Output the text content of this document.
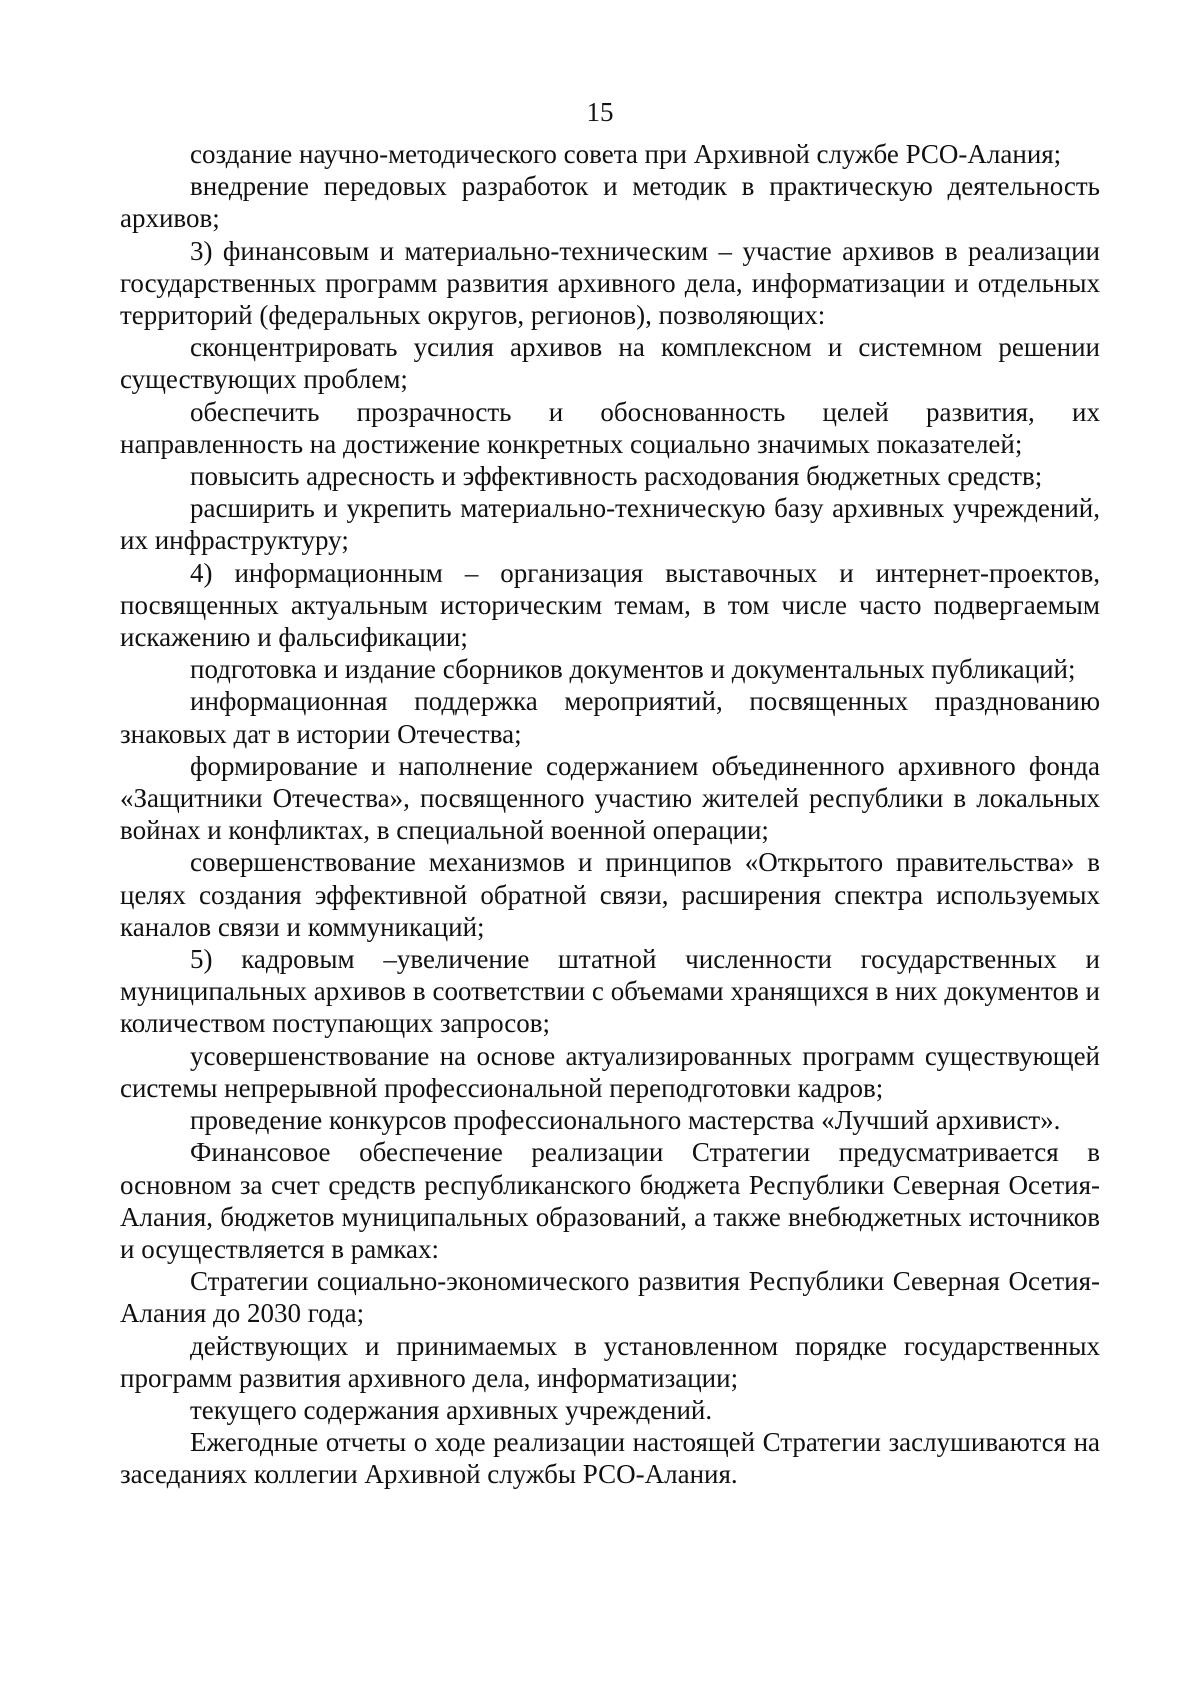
15

создание научно-методического совета при Архивной службе РСО-Алания;

внедрение передовых разработок и методик в практическую деятельность архивов;

3) финансовым и материально-техническим – участие архивов в реализации государственных программ развития архивного дела, информатизации и отдельных территорий (федеральных округов, регионов), позволяющих:

сконцентрировать усилия архивов на комплексном и системном решении существующих проблем;

обеспечить прозрачность и обоснованность целей развития, их направленность на достижение конкретных социально значимых показателей;

повысить адресность и эффективность расходования бюджетных средств;

расширить и укрепить материально-техническую базу архивных учреждений, их инфраструктуру;

4) информационным – организация выставочных и интернет-проектов, посвященных актуальным историческим темам, в том числе часто подвергаемым искажению и фальсификации;

подготовка и издание сборников документов и документальных публикаций;

информационная поддержка мероприятий, посвященных празднованию знаковых дат в истории Отечества;

формирование и наполнение содержанием объединенного архивного фонда «Защитники Отечества», посвященного участию жителей республики в локальных войнах и конфликтах, в специальной военной операции;

совершенствование механизмов и принципов «Открытого правительства» в целях создания эффективной обратной связи, расширения спектра используемых каналов связи и коммуникаций;

5) кадровым –увеличение штатной численности государственных и муниципальных архивов в соответствии с объемами хранящихся в них документов и количеством поступающих запросов;

усовершенствование на основе актуализированных программ существующей системы непрерывной профессиональной переподготовки кадров;

проведение конкурсов профессионального мастерства «Лучший архивист».

Финансовое обеспечение реализации Стратегии предусматривается в основном за счет средств республиканского бюджета Республики Северная Осетия-Алания, бюджетов муниципальных образований, а также внебюджетных источников и осуществляется в рамках:

Стратегии социально-экономического развития Республики Северная Осетия-Алания до 2030 года;

действующих и принимаемых в установленном порядке государственных программ развития архивного дела, информатизации;

текущего содержания архивных учреждений.

Ежегодные отчеты о ходе реализации настоящей Стратегии заслушиваются на заседаниях коллегии Архивной службы РСО-Алания.
